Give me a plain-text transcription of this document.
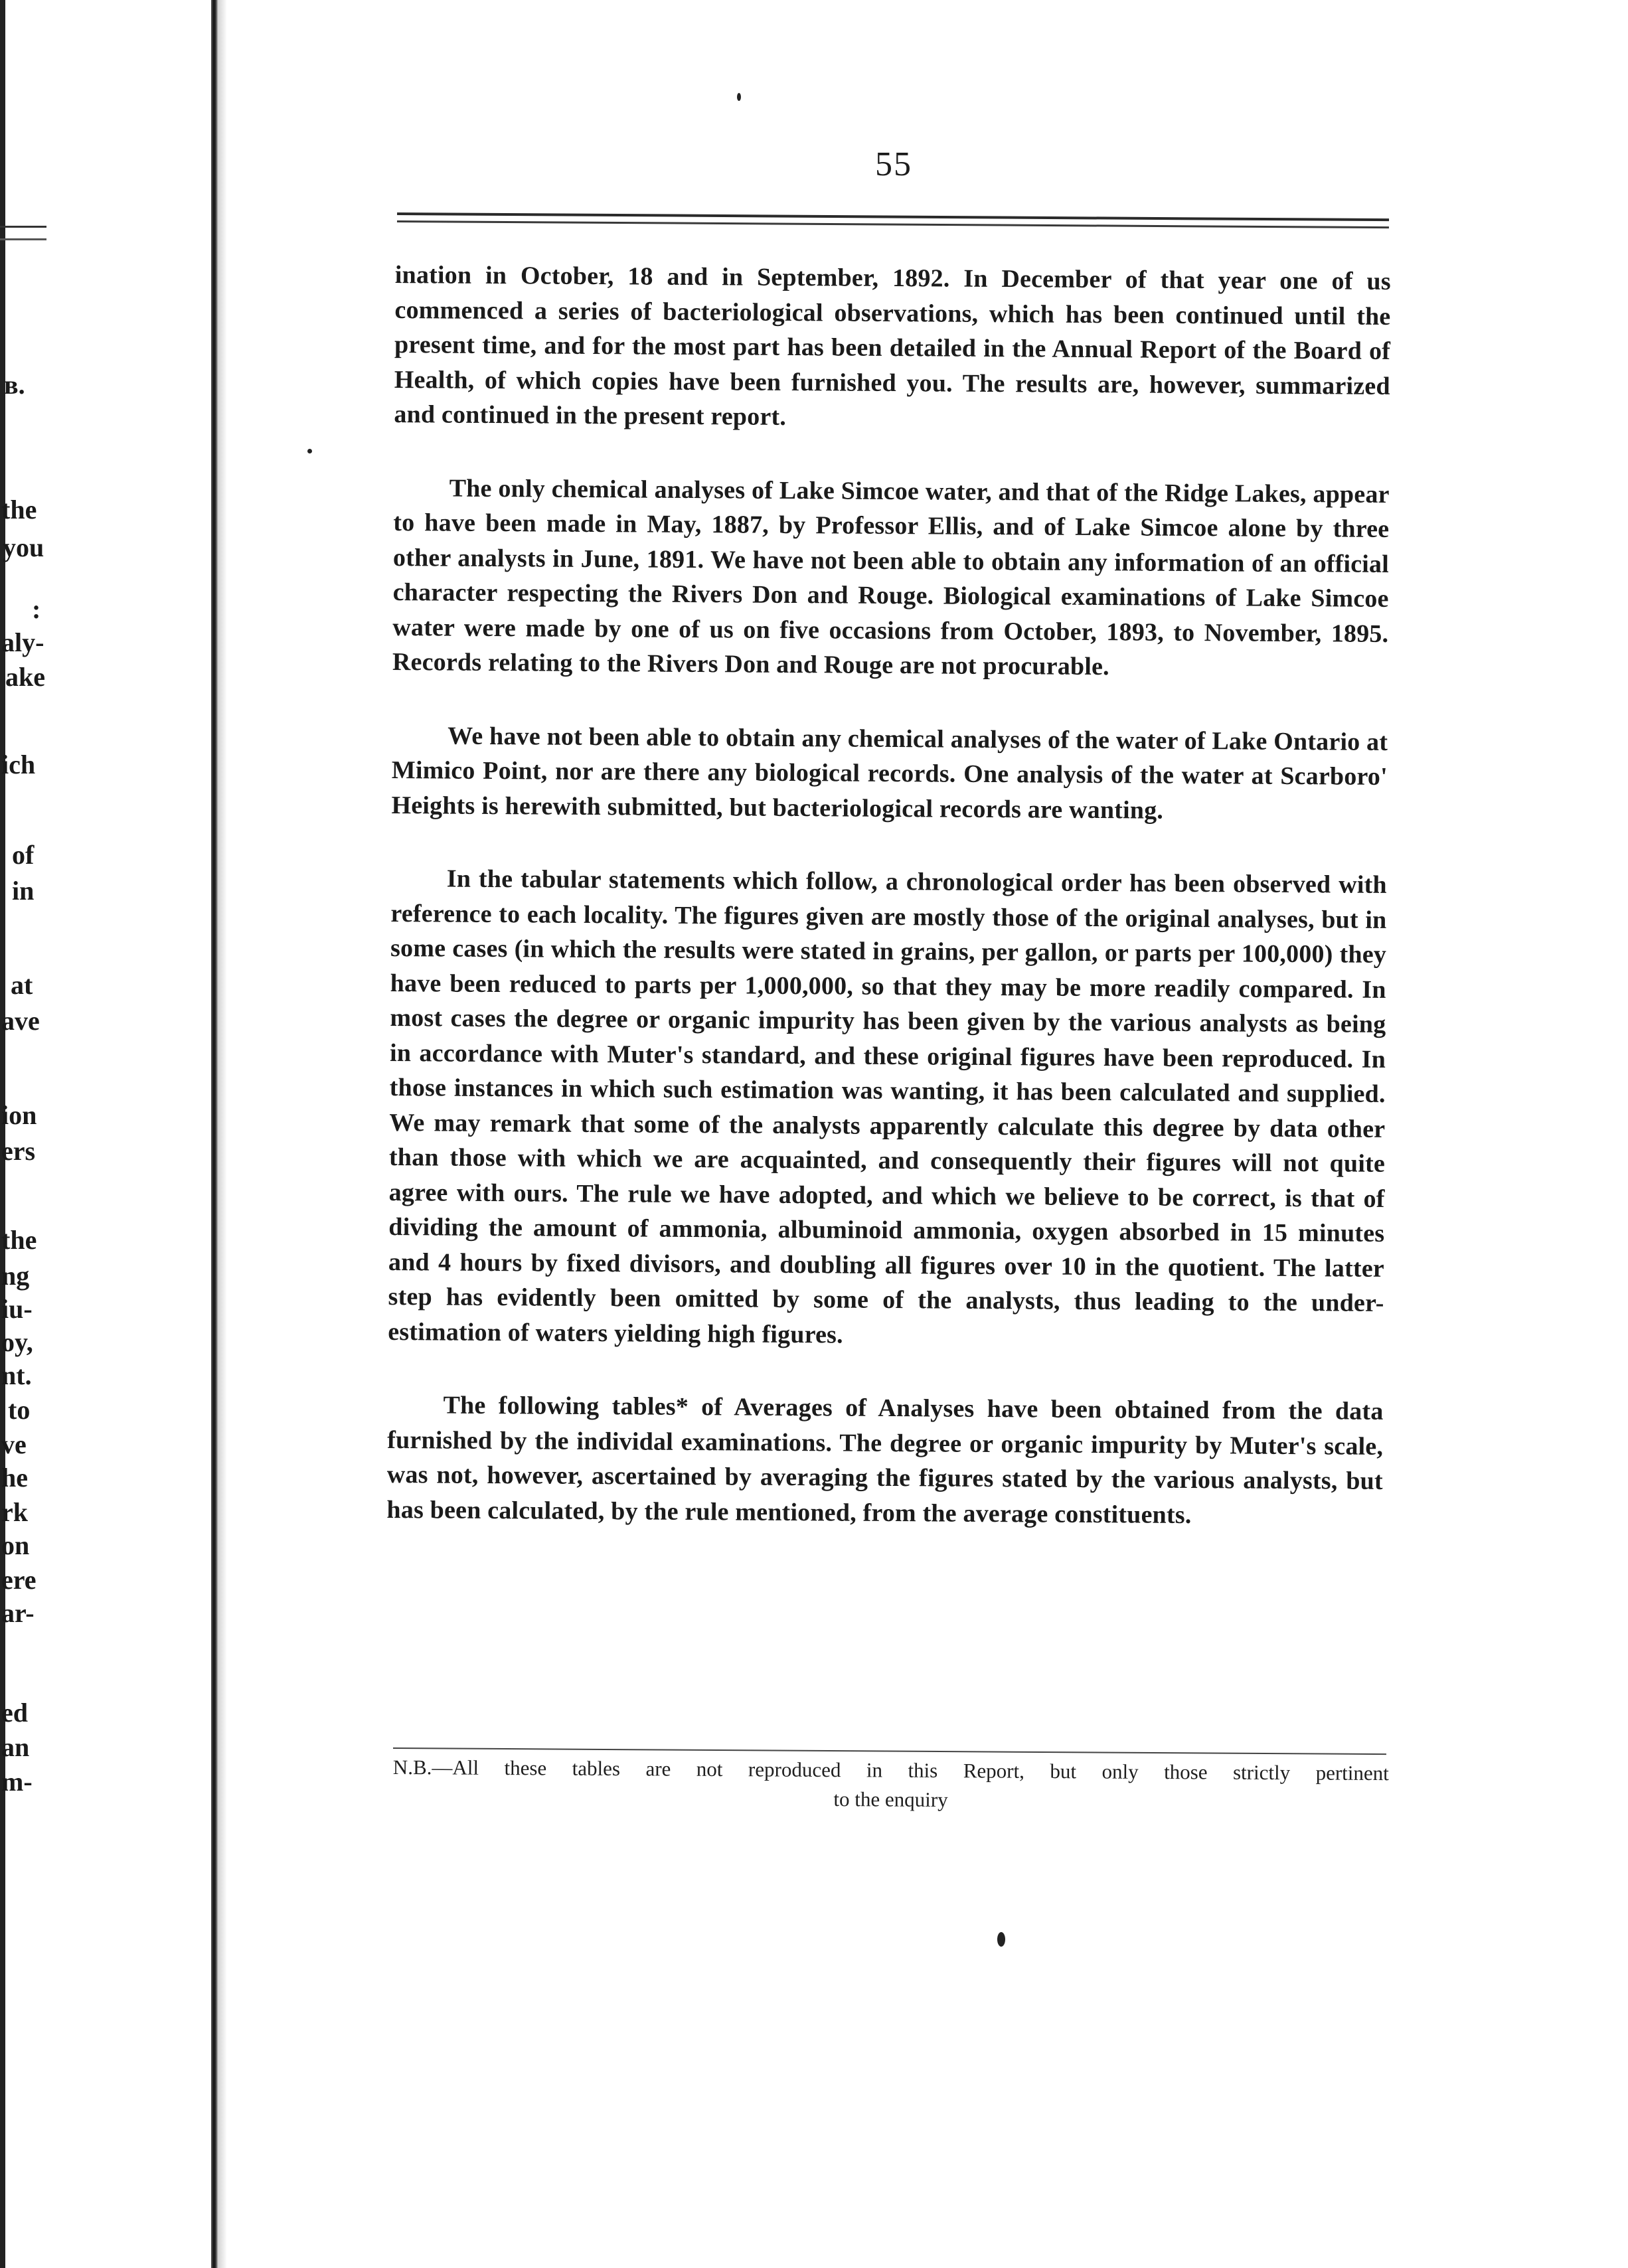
в.
the
you
:
aly-
ake
ich
of
in
at
ave
ion
ers
the
ng
iu-
oy,
nt.
to
ve
he
rk
on
ere
ar-
ed
an
m-
55

ination in October, 18 and in September, 1892. In December of that year one of us commenced a series of bacteriological observations, which has been continued until the present time, and for the most part has been detailed in the Annual Report of the Board of Health, of which copies have been furnished you. The results are, however, summarized and continued in the present report.

The only chemical analyses of Lake Simcoe water, and that of the Ridge Lakes, appear to have been made in May, 1887, by Professor Ellis, and of Lake Simcoe alone by three other analysts in June, 1891. We have not been able to obtain any information of an official character respecting the Rivers Don and Rouge. Biological examinations of Lake Simcoe water were made by one of us on five occasions from October, 1893, to November, 1895. Records relating to the Rivers Don and Rouge are not procurable.

We have not been able to obtain any chemical analyses of the water of Lake Ontario at Mimico Point, nor are there any biological records. One analysis of the water at Scarboro' Heights is herewith submitted, but bacteriological records are wanting.

In the tabular statements which follow, a chronological order has been observed with reference to each locality. The figures given are mostly those of the original analyses, but in some cases (in which the results were stated in grains, per gallon, or parts per 100,000) they have been reduced to parts per 1,000,000, so that they may be more readily compared. In most cases the degree or organic impurity has been given by the various analysts as being in accordance with Muter's standard, and these original figures have been reproduced. In those instances in which such estimation was wanting, it has been calculated and supplied. We may remark that some of the analysts apparently calculate this degree by data other than those with which we are acquainted, and consequently their figures will not quite agree with ours. The rule we have adopted, and which we believe to be correct, is that of dividing the amount of ammonia, albuminoid ammonia, oxygen absorbed in 15 minutes and 4 hours by fixed divisors, and doubling all figures over 10 in the quotient. The latter step has evidently been omitted by some of the analysts, thus leading to the under-estimation of waters yielding high figures.

The following tables* of Averages of Analyses have been obtained from the data furnished by the individal examinations. The degree or organic impurity by Muter's scale, was not, however, ascertained by averaging the figures stated by the various analysts, but has been calculated, by the rule mentioned, from the average constituents.

N.B.—All these tables are not reproduced in this Report, but only those strictly pertinent
to the enquiry
